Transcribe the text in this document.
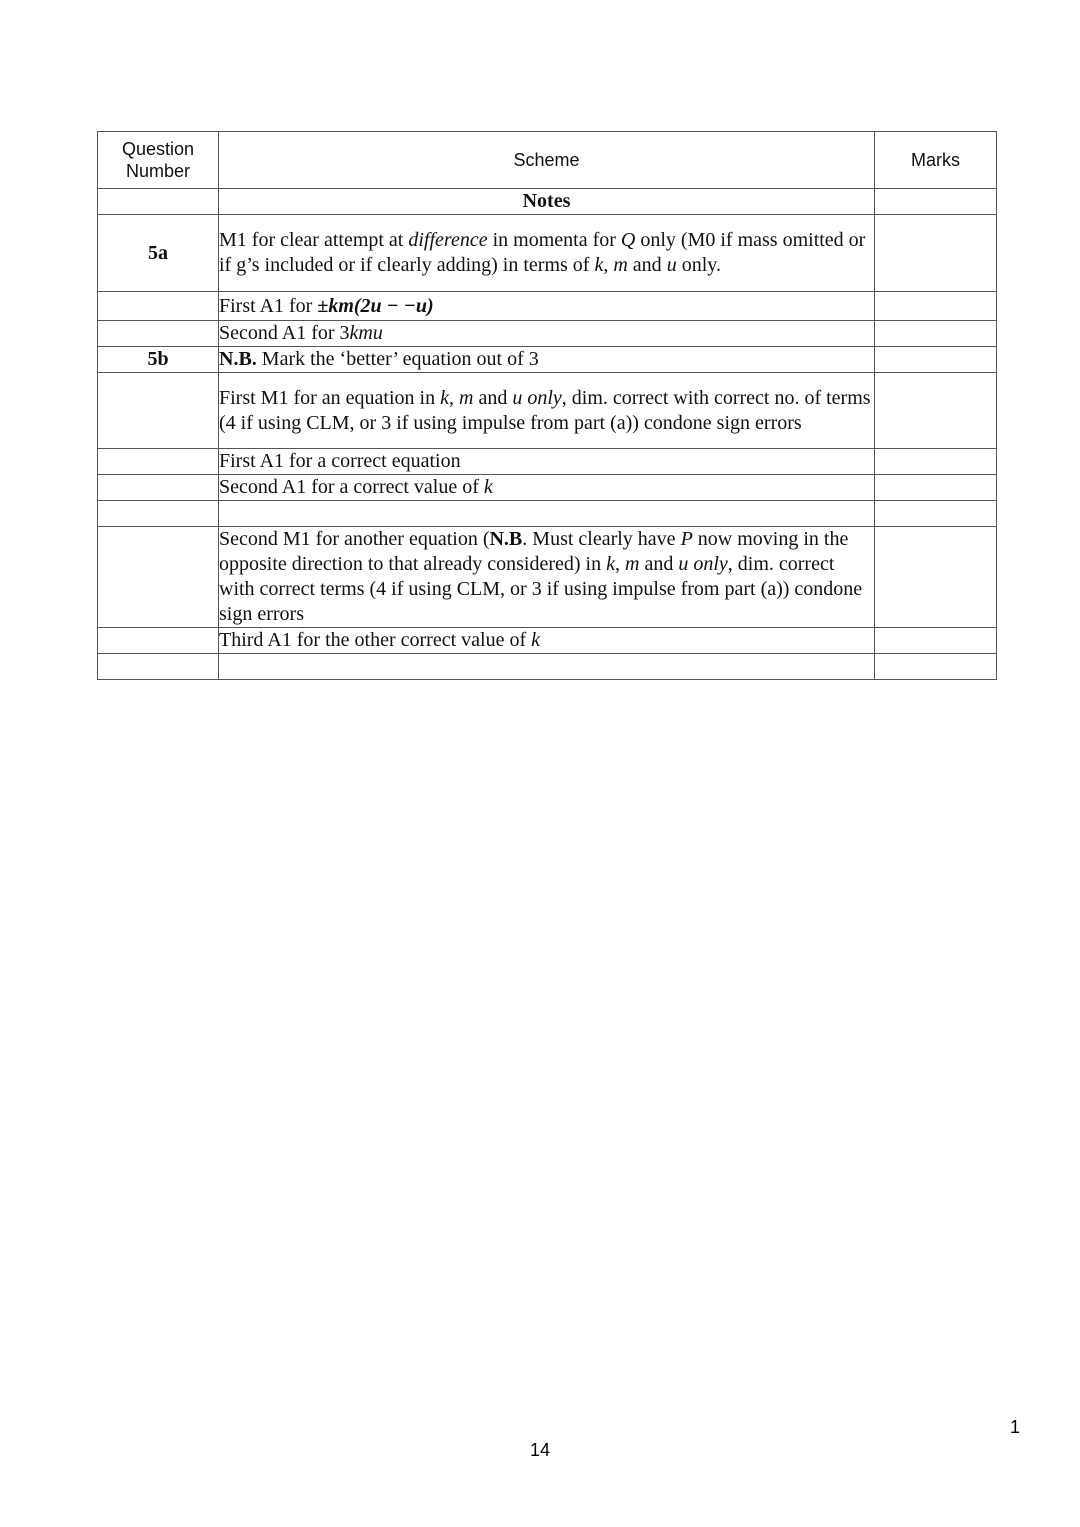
Question Number	Scheme	Marks
	Notes	
5a	M1 for clear attempt at difference in momenta for Q only (M0 if mass omitted or if g’s included or if clearly adding) in terms of k, m and u only.	
	First A1 for ±km(2u − −u)	
	Second A1 for 3kmu	
5b	N.B. Mark the ‘better’ equation out of 3	
	First M1 for an equation in k, m and u only, dim. correct with correct no. of terms (4 if using CLM, or 3 if using impulse from part (a)) condone sign errors	
	First A1 for a correct equation	
	Second A1 for a correct value of k	

	Second M1 for another equation (N.B. Must clearly have P now moving in the opposite direction to that already considered) in k, m and u only, dim. correct with correct terms (4 if using CLM, or 3 if using impulse from part (a)) condone sign errors	
	Third A1 for the other correct value of k	

1
14
